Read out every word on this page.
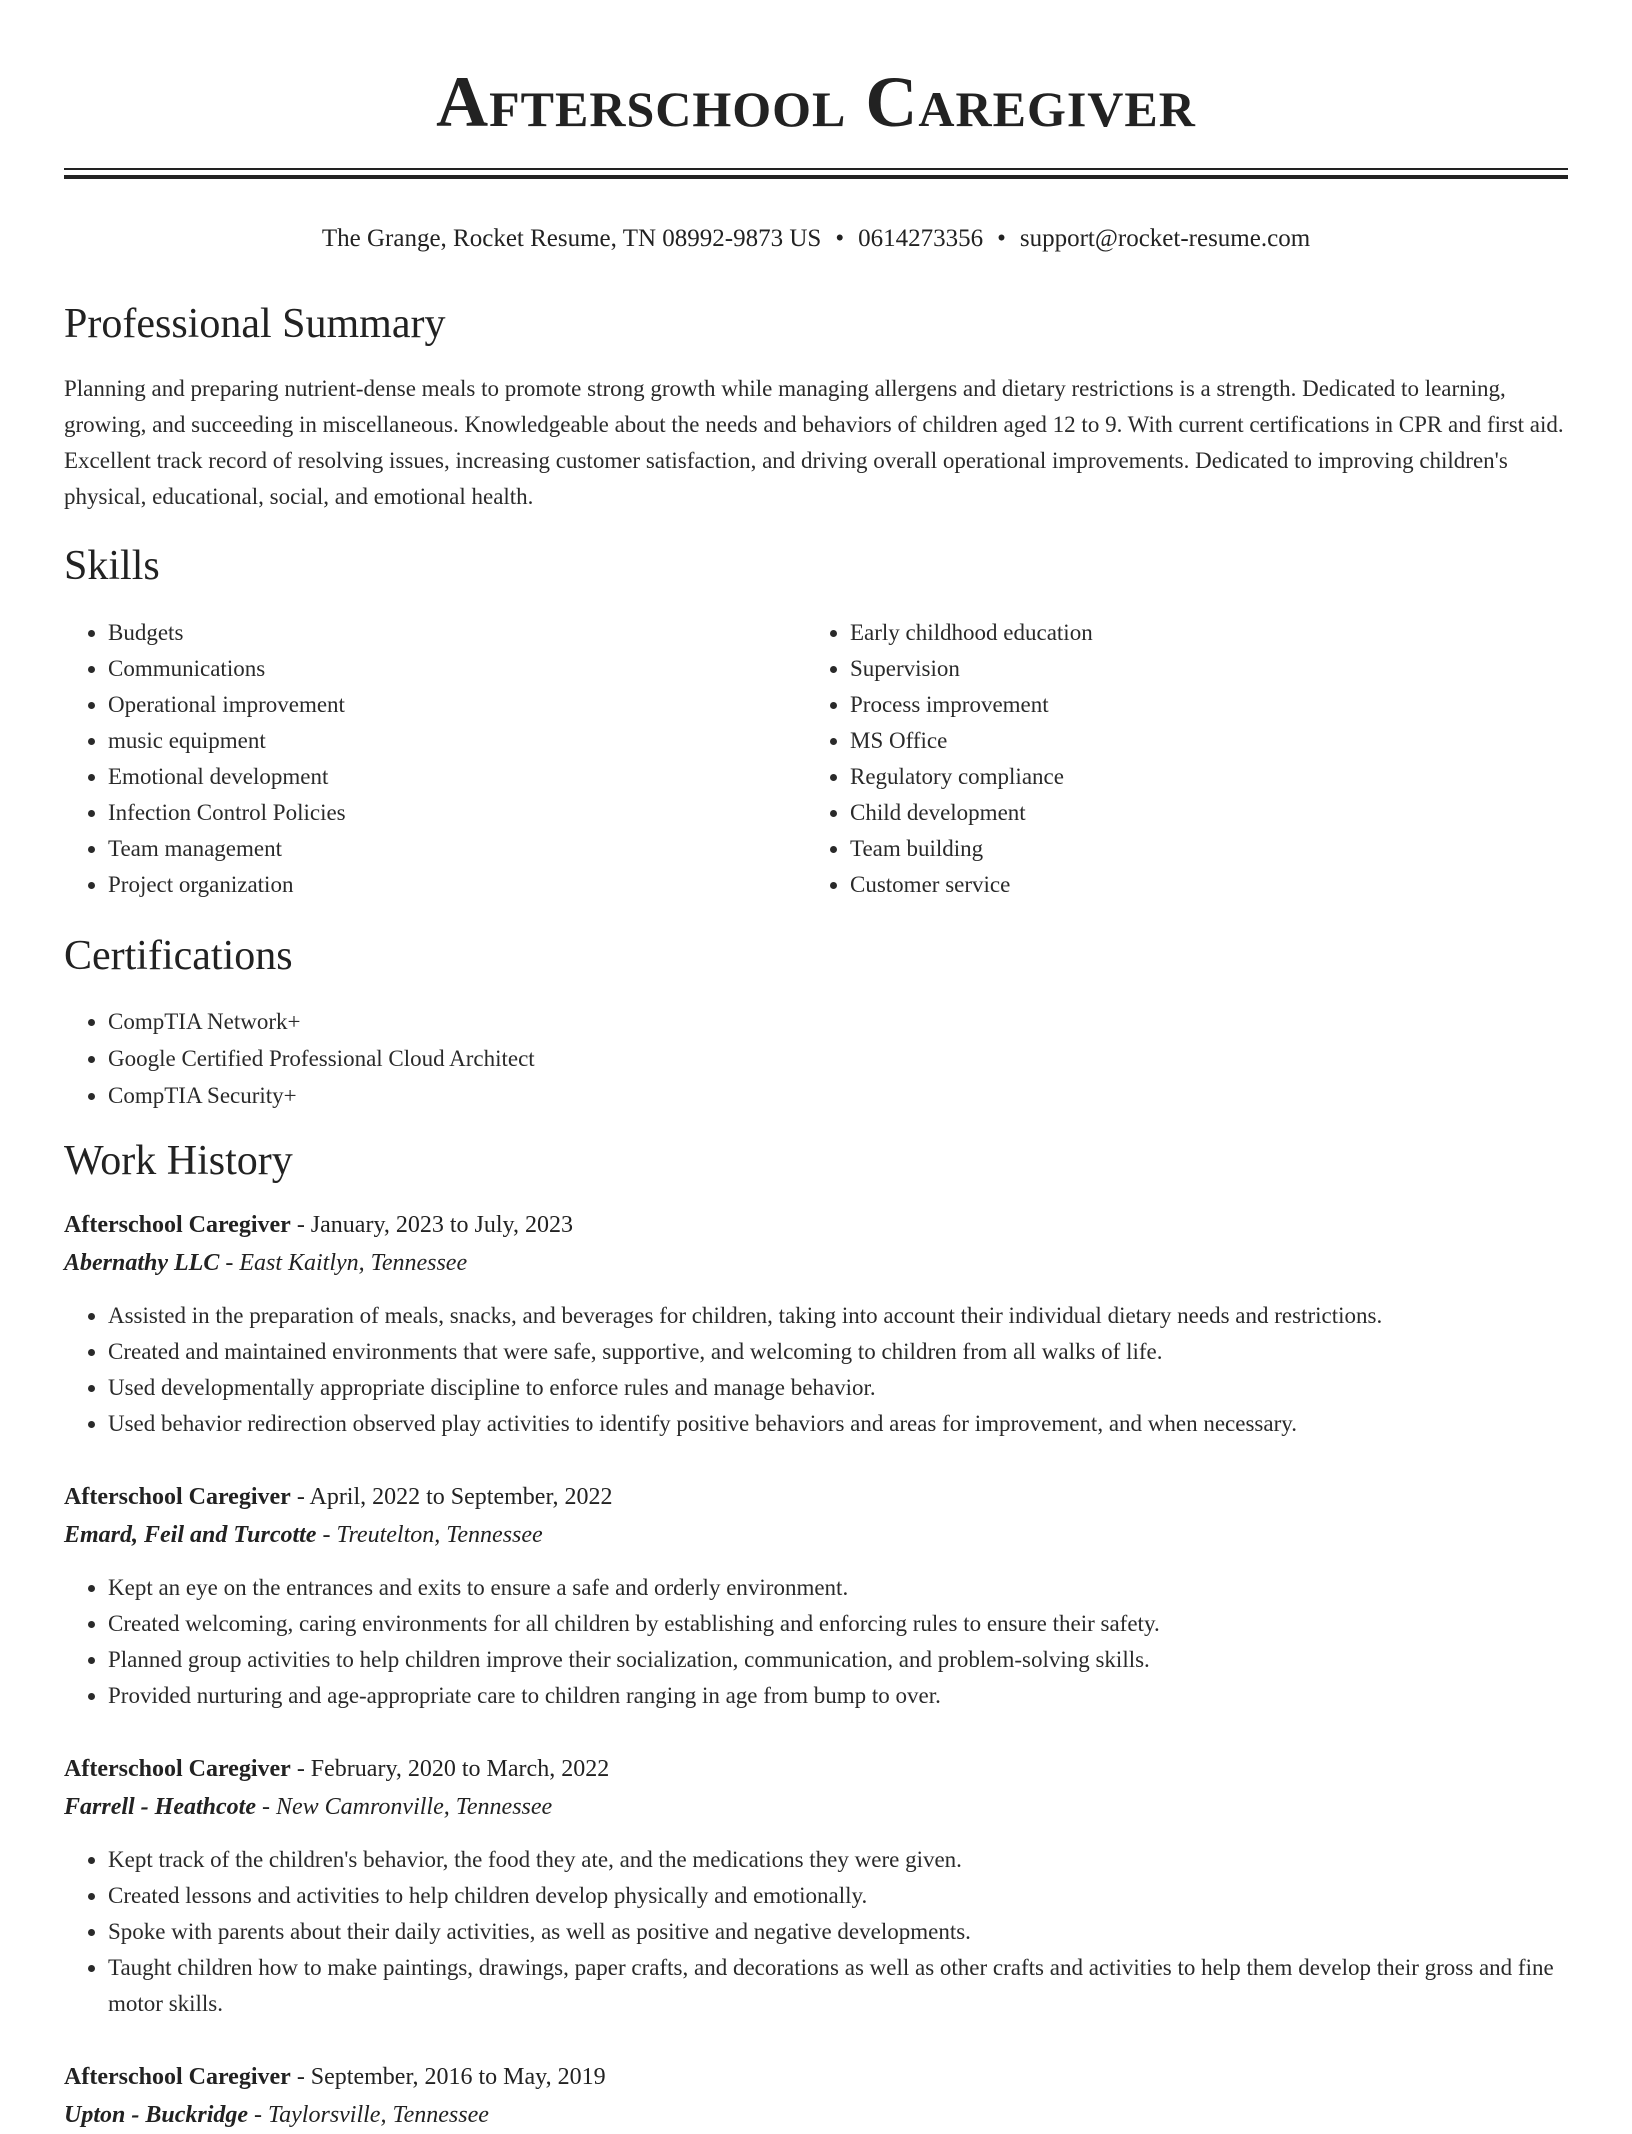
Afterschool Caregiver
The Grange, Rocket Resume, TN 08992-9873 US • 0614273356 • support@rocket-resume.com
Professional Summary

Planning and preparing nutrient-dense meals to promote strong growth while managing allergens and dietary restrictions is a strength. Dedicated to learning, growing, and succeeding in miscellaneous. Knowledgeable about the needs and behaviors of children aged 12 to 9. With current certifications in CPR and first aid. Excellent track record of resolving issues, increasing customer satisfaction, and driving overall operational improvements. Dedicated to improving children's physical, educational, social, and emotional health.

Skills
• Budgets
• Communications
• Operational improvement
• music equipment
• Emotional development
• Infection Control Policies
• Team management
• Project organization
• Early childhood education
• Supervision
• Process improvement
• MS Office
• Regulatory compliance
• Child development
• Team building
• Customer service
Certifications
• CompTIA Network+
• Google Certified Professional Cloud Architect
• CompTIA Security+
Work History
Afterschool Caregiver - January, 2023 to July, 2023
Abernathy LLC - East Kaitlyn, Tennessee
• Assisted in the preparation of meals, snacks, and beverages for children, taking into account their individual dietary needs and restrictions.
• Created and maintained environments that were safe, supportive, and welcoming to children from all walks of life.
• Used developmentally appropriate discipline to enforce rules and manage behavior.
• Used behavior redirection observed play activities to identify positive behaviors and areas for improvement, and when necessary.
Afterschool Caregiver - April, 2022 to September, 2022
Emard, Feil and Turcotte - Treutelton, Tennessee
• Kept an eye on the entrances and exits to ensure a safe and orderly environment.
• Created welcoming, caring environments for all children by establishing and enforcing rules to ensure their safety.
• Planned group activities to help children improve their socialization, communication, and problem-solving skills.
• Provided nurturing and age-appropriate care to children ranging in age from bump to over.
Afterschool Caregiver - February, 2020 to March, 2022
Farrell - Heathcote - New Camronville, Tennessee
• Kept track of the children's behavior, the food they ate, and the medications they were given.
• Created lessons and activities to help children develop physically and emotionally.
• Spoke with parents about their daily activities, as well as positive and negative developments.
• Taught children how to make paintings, drawings, paper crafts, and decorations as well as other crafts and activities to help them develop their gross and fine motor skills.
Afterschool Caregiver - September, 2016 to May, 2019
Upton - Buckridge - Taylorsville, Tennessee
